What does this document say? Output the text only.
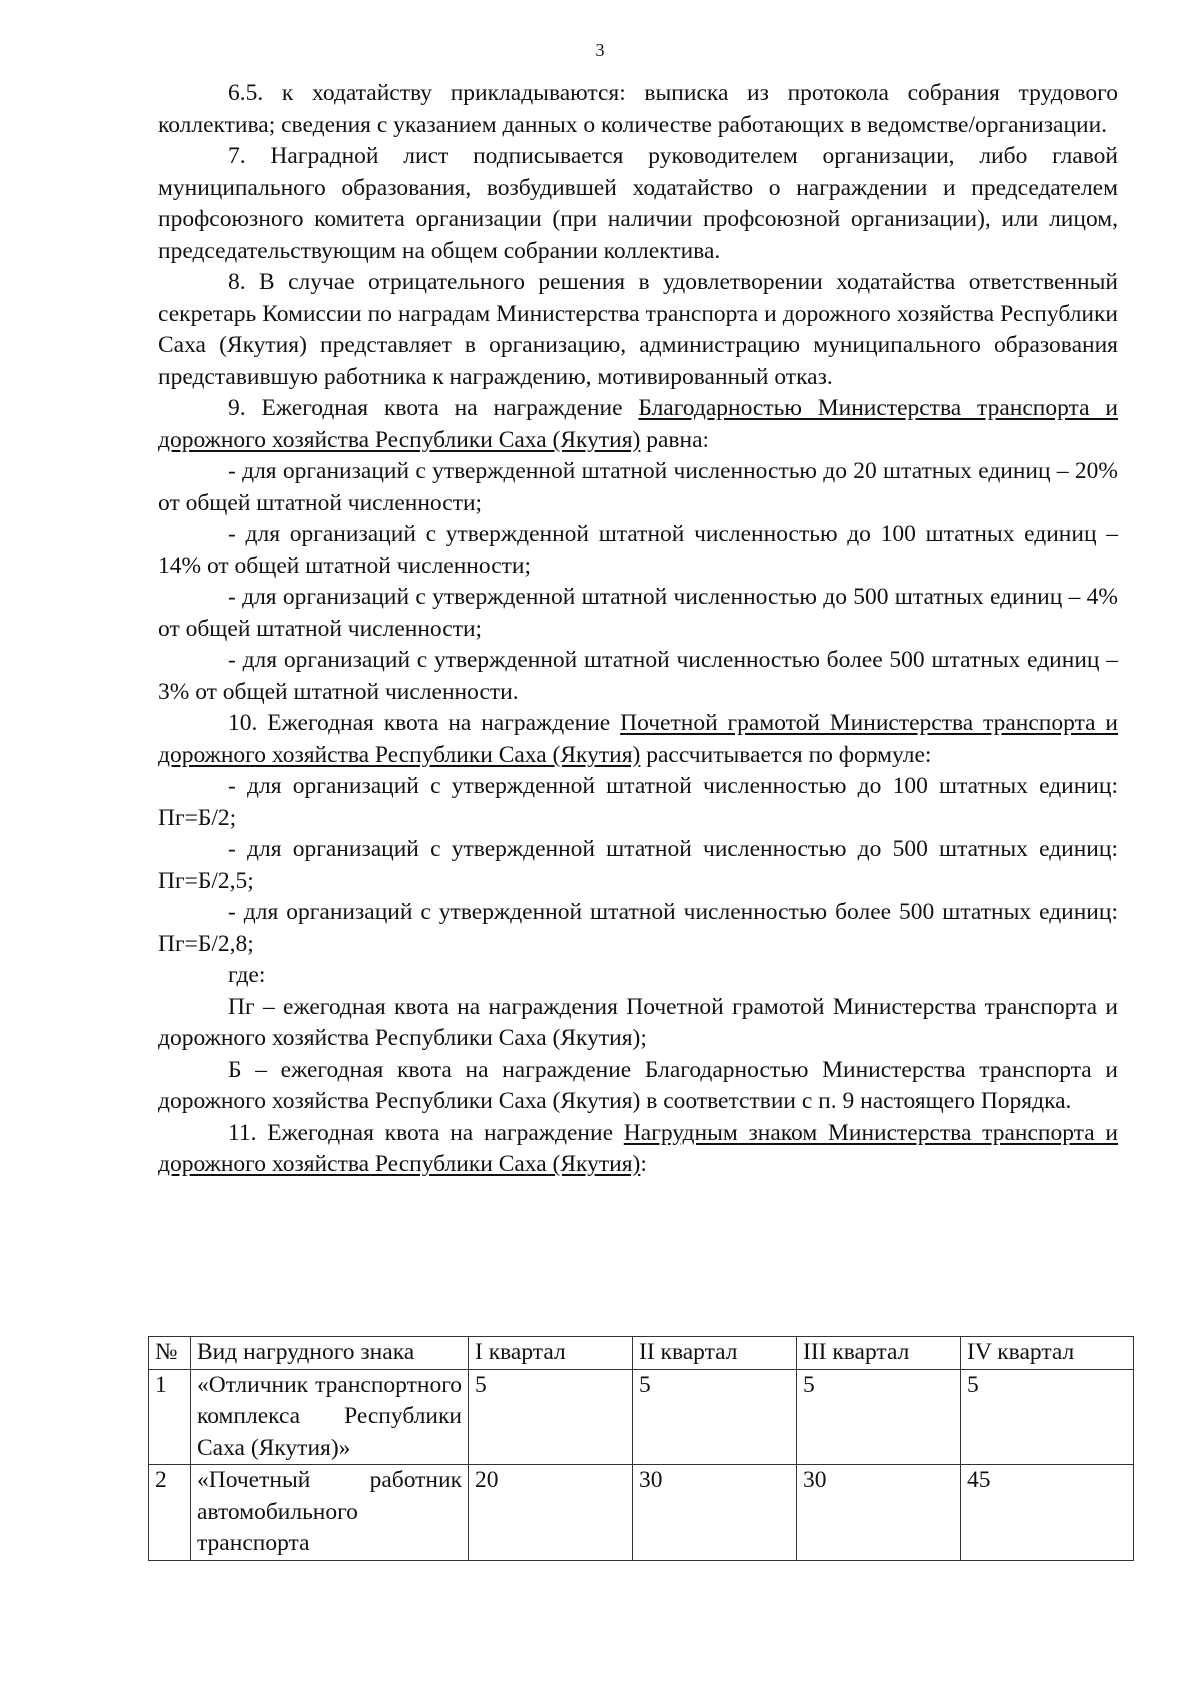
3

6.5. к ходатайству прикладываются: выписка из протокола собрания трудового коллектива; сведения с указанием данных о количестве работающих в ведомстве/организации.

7. Наградной лист подписывается руководителем организации, либо главой муниципального образования, возбудившей ходатайство о награждении и председателем профсоюзного комитета организации (при наличии профсоюзной организации), или лицом, председательствующим на общем собрании коллектива.

8. В случае отрицательного решения в удовлетворении ходатайства ответственный секретарь Комиссии по наградам Министерства транспорта и дорожного хозяйства Республики Саха (Якутия) представляет в организацию, администрацию муниципального образования представившую работника к награждению, мотивированный отказ.

9. Ежегодная квота на награждение Благодарностью Министерства транспорта и дорожного хозяйства Республики Саха (Якутия) равна:

- для организаций с утвержденной штатной численностью до 20 штатных единиц – 20% от общей штатной численности;

- для организаций с утвержденной штатной численностью до 100 штатных единиц – 14% от общей штатной численности;

- для организаций с утвержденной штатной численностью до 500 штатных единиц – 4% от общей штатной численности;

- для организаций с утвержденной штатной численностью более 500 штатных единиц – 3% от общей штатной численности.

10. Ежегодная квота на награждение Почетной грамотой Министерства транспорта и дорожного хозяйства Республики Саха (Якутия) рассчитывается по формуле:

- для организаций с утвержденной штатной численностью до 100 штатных единиц: Пг=Б/2;

- для организаций с утвержденной штатной численностью до 500 штатных единиц: Пг=Б/2,5;

- для организаций с утвержденной штатной численностью более 500 штатных единиц: Пг=Б/2,8;

где:

Пг – ежегодная квота на награждения Почетной грамотой Министерства транспорта и дорожного хозяйства Республики Саха (Якутия);

Б – ежегодная квота на награждение Благодарностью Министерства транспорта и дорожного хозяйства Республики Саха (Якутия) в соответствии с п. 9 настоящего Порядка.

11. Ежегодная квота на награждение Нагрудным знаком Министерства транспорта и дорожного хозяйства Республики Саха (Якутия):

№	Вид нагрудного знака	I квартал	II квартал	III квартал	IV квартал
1	«Отличник транспортного комплекса Республики Саха (Якутия)»	5	5	5	5
2	«Почетный работник автомобильного транспорта	20	30	30	45
